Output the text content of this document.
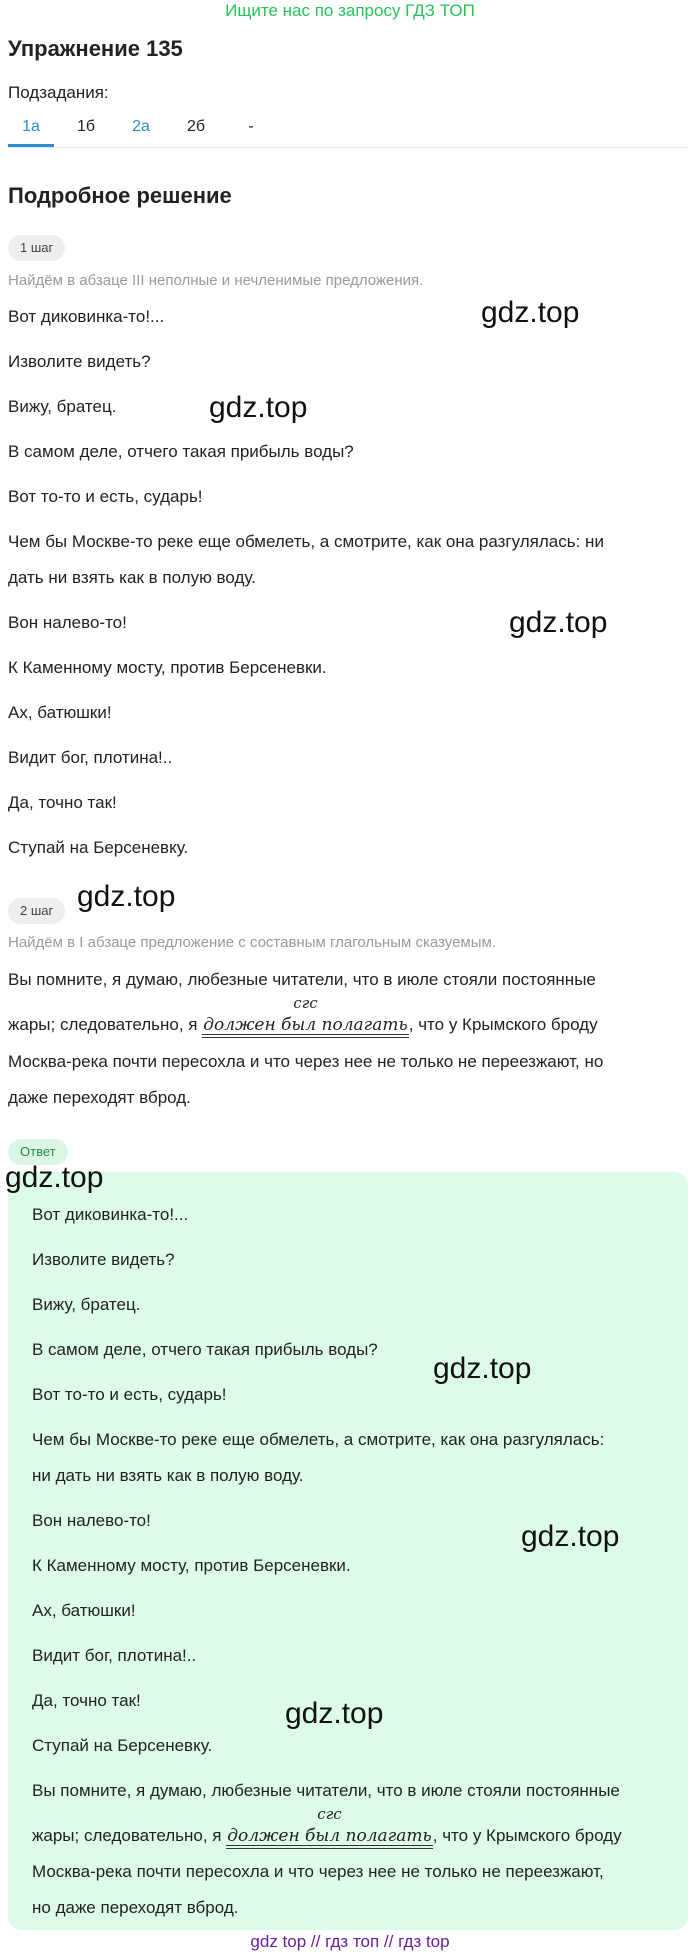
Ищите нас по запросу ГДЗ ТОП
Упражнение 135
Подзадания:
1а	1б	2а	2б	-
Подробное решение
1 шаг
Найдём в абзаце III неполные и нечленимые предложения.
Вот диковинка-то!...
Изволите видеть?
Вижу, братец.
В самом деле, отчего такая прибыль воды?
Вот то-то и есть, сударь!
Чем бы Москве-то реке еще обмелеть, а смотрите, как она разгулялась: ни
дать ни взять как в полую воду.
Вон налево-то!
К Каменному мосту, против Берсеневки.
Ах, батюшки!
Видит бог, плотина!..
Да, точно так!
Ступай на Берсеневку.
2 шаг
Найдём в I абзаце предложение с составным глагольным сказуемым.
Вы помните, я думаю, любезные читатели, что в июле стояли постоянные
жары; следовательно, я
сгс
должен был полагать, что у Крымского броду
Москва-река почти пересохла и что через нее не только не переезжают, но
даже переходят вброд.
Ответ
Вот диковинка-то!...
Изволите видеть?
Вижу, братец.
В самом деле, отчего такая прибыль воды?
Вот то-то и есть, сударь!
Чем бы Москве-то реке еще обмелеть, а смотрите, как она разгулялась:
ни дать ни взять как в полую воду.
Вон налево-то!
К Каменному мосту, против Берсеневки.
Ах, батюшки!
Видит бог, плотина!..
Да, точно так!
Ступай на Берсеневку.
Вы помните, я думаю, любезные читатели, что в июле стояли постоянные
жары; следовательно, я
сгс
должен был полагать, что у Крымского броду
Москва-река почти пересохла и что через нее не только не переезжают,
но даже переходят вброд.
gdz.top
gdz.top
gdz.top
gdz.top
gdz.top
gdz.top
gdz.top
gdz.top
gdz top // гдз топ // гдз top
